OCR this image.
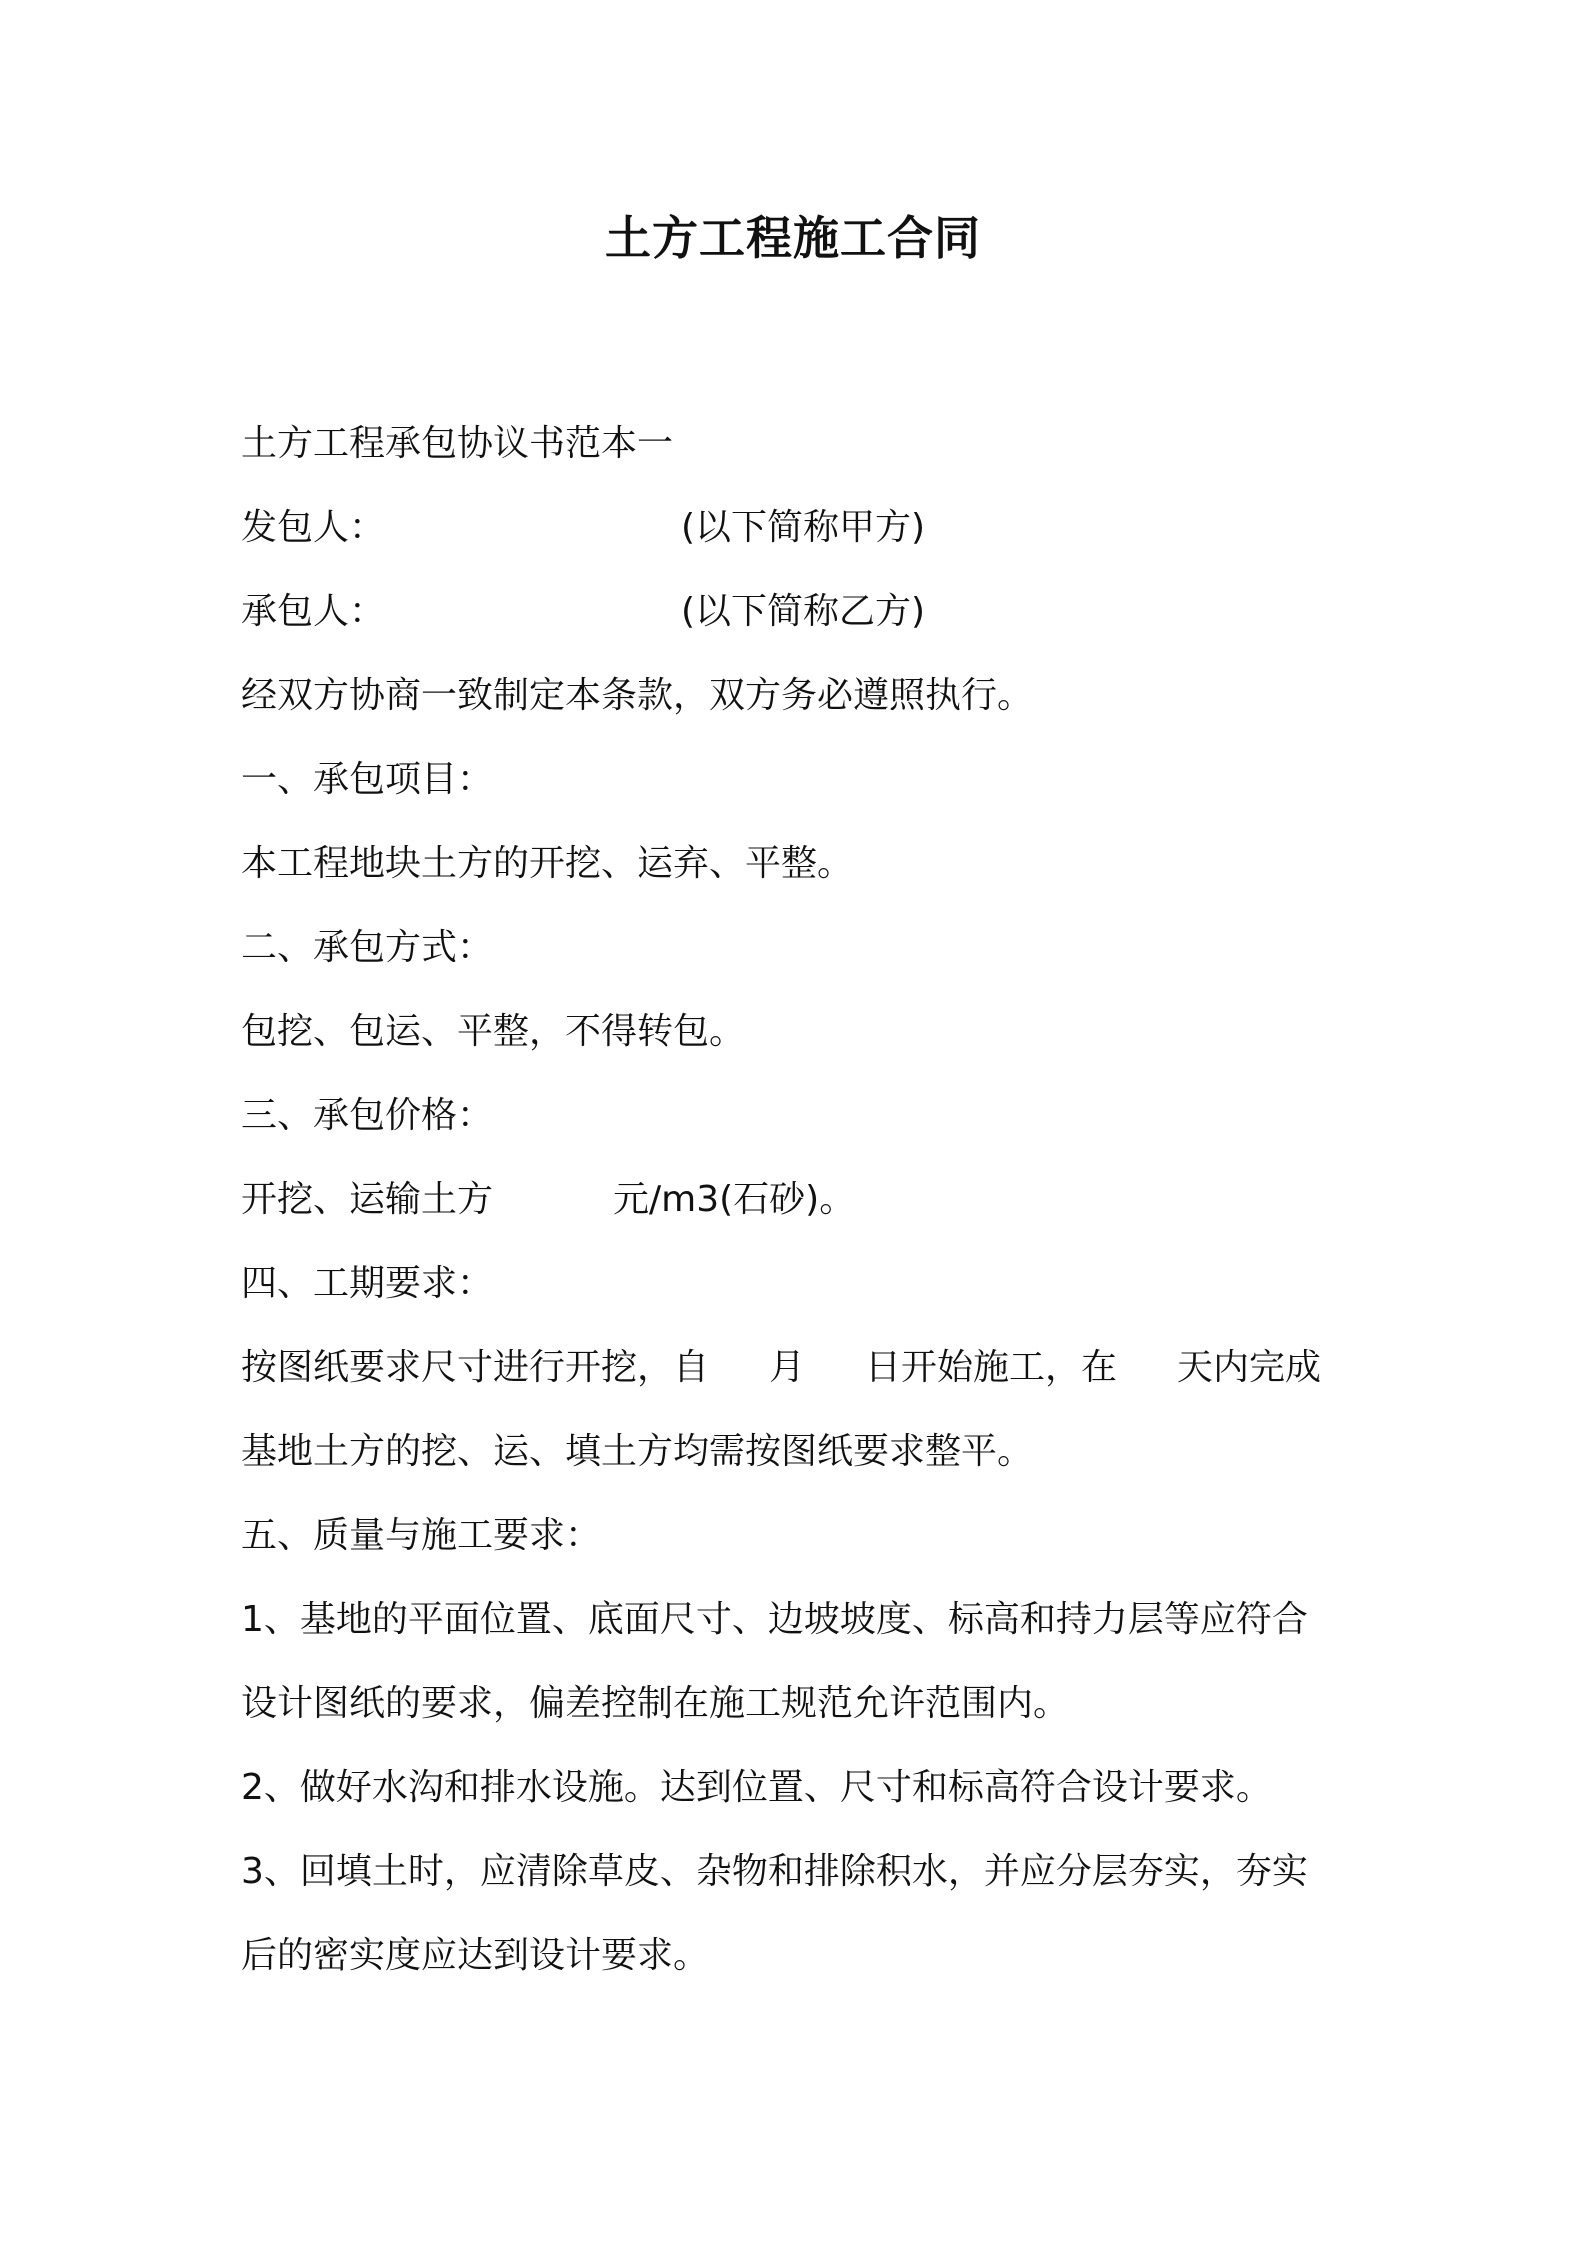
土方工程施工合同
土方工程承包协议书范本一
发包人：	(以下简称甲方)
承包人：	(以下简称乙方)
经双方协商一致制定本条款，双方务必遵照执行。
一、承包项目：
本工程地块土方的开挖、运弃、平整。
二、承包方式：
包挖、包运、平整，不得转包。
三、承包价格：
开挖、运输土方	元/m3(石砂)。
四、工期要求：
按图纸要求尺寸进行开挖，自 月 日开始施工，在 天内完成
基地土方的挖、运、填土方均需按图纸要求整平。
五、质量与施工要求：
1、基地的平面位置、底面尺寸、边坡坡度、标高和持力层等应符合
设计图纸的要求，偏差控制在施工规范允许范围内。
2、做好水沟和排水设施。达到位置、尺寸和标高符合设计要求。
3、回填土时，应清除草皮、杂物和排除积水，并应分层夯实，夯实
后的密实度应达到设计要求。
